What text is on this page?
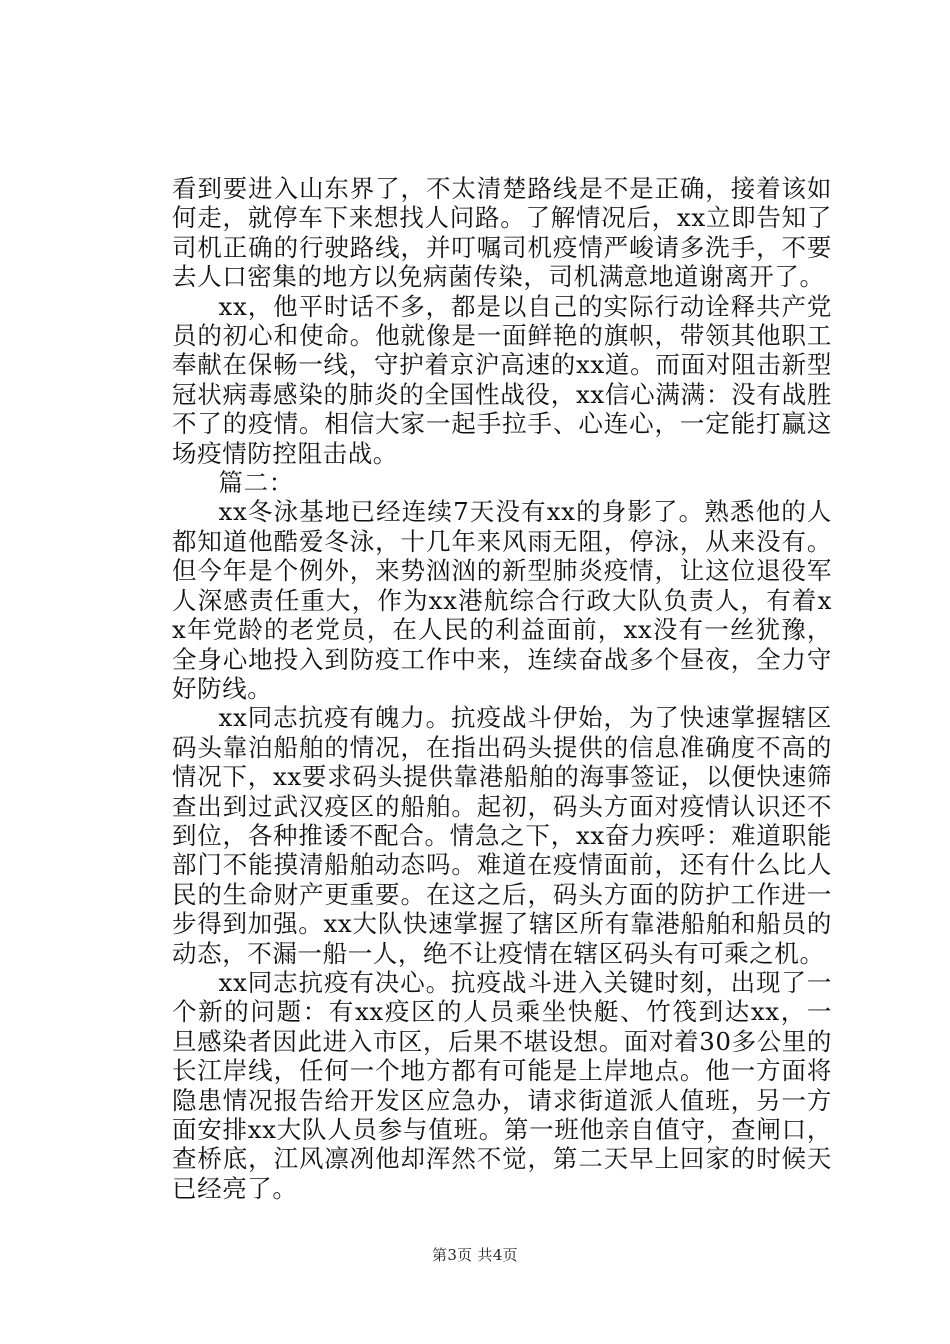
看到要进入山东界了，不太清楚路线是不是正确，接着该如何走，就停车下来想找人问路。了解情况后，xx立即告知了司机正确的行驶路线，并叮嘱司机疫情严峻请多洗手，不要去人口密集的地方以免病菌传染，司机满意地道谢离开了。

xx，他平时话不多，都是以自己的实际行动诠释共产党员的初心和使命。他就像是一面鲜艳的旗帜，带领其他职工奉献在保畅一线，守护着京沪高速的xx道。而面对阻击新型冠状病毒感染的肺炎的全国性战役，xx信心满满：没有战胜不了的疫情。相信大家一起手拉手、心连心，一定能打赢这场疫情防控阻击战。

篇二：

xx冬泳基地已经连续7天没有xx的身影了。熟悉他的人都知道他酷爱冬泳，十几年来风雨无阻，停泳，从来没有。但今年是个例外，来势汹汹的新型肺炎疫情，让这位退役军人深感责任重大，作为xx港航综合行政大队负责人，有着xx年党龄的老党员，在人民的利益面前，xx没有一丝犹豫，全身心地投入到防疫工作中来，连续奋战多个昼夜，全力守好防线。

xx同志抗疫有魄力。抗疫战斗伊始，为了快速掌握辖区码头靠泊船舶的情况，在指出码头提供的信息准确度不高的情况下，xx要求码头提供靠港船舶的海事签证，以便快速筛查出到过武汉疫区的船舶。起初，码头方面对疫情认识还不到位，各种推诿不配合。情急之下，xx奋力疾呼：难道职能部门不能摸清船舶动态吗。难道在疫情面前，还有什么比人民的生命财产更重要。在这之后，码头方面的防护工作进一步得到加强。xx大队快速掌握了辖区所有靠港船舶和船员的动态，不漏一船一人，绝不让疫情在辖区码头有可乘之机。

xx同志抗疫有决心。抗疫战斗进入关键时刻，出现了一个新的问题：有xx疫区的人员乘坐快艇、竹筏到达xx，一旦感染者因此进入市区，后果不堪设想。面对着30多公里的长江岸线，任何一个地方都有可能是上岸地点。他一方面将隐患情况报告给开发区应急办，请求街道派人值班，另一方面安排xx大队人员参与值班。第一班他亲自值守，查闸口，查桥底，江风凛冽他却浑然不觉，第二天早上回家的时候天已经亮了。

第3页 共4页
